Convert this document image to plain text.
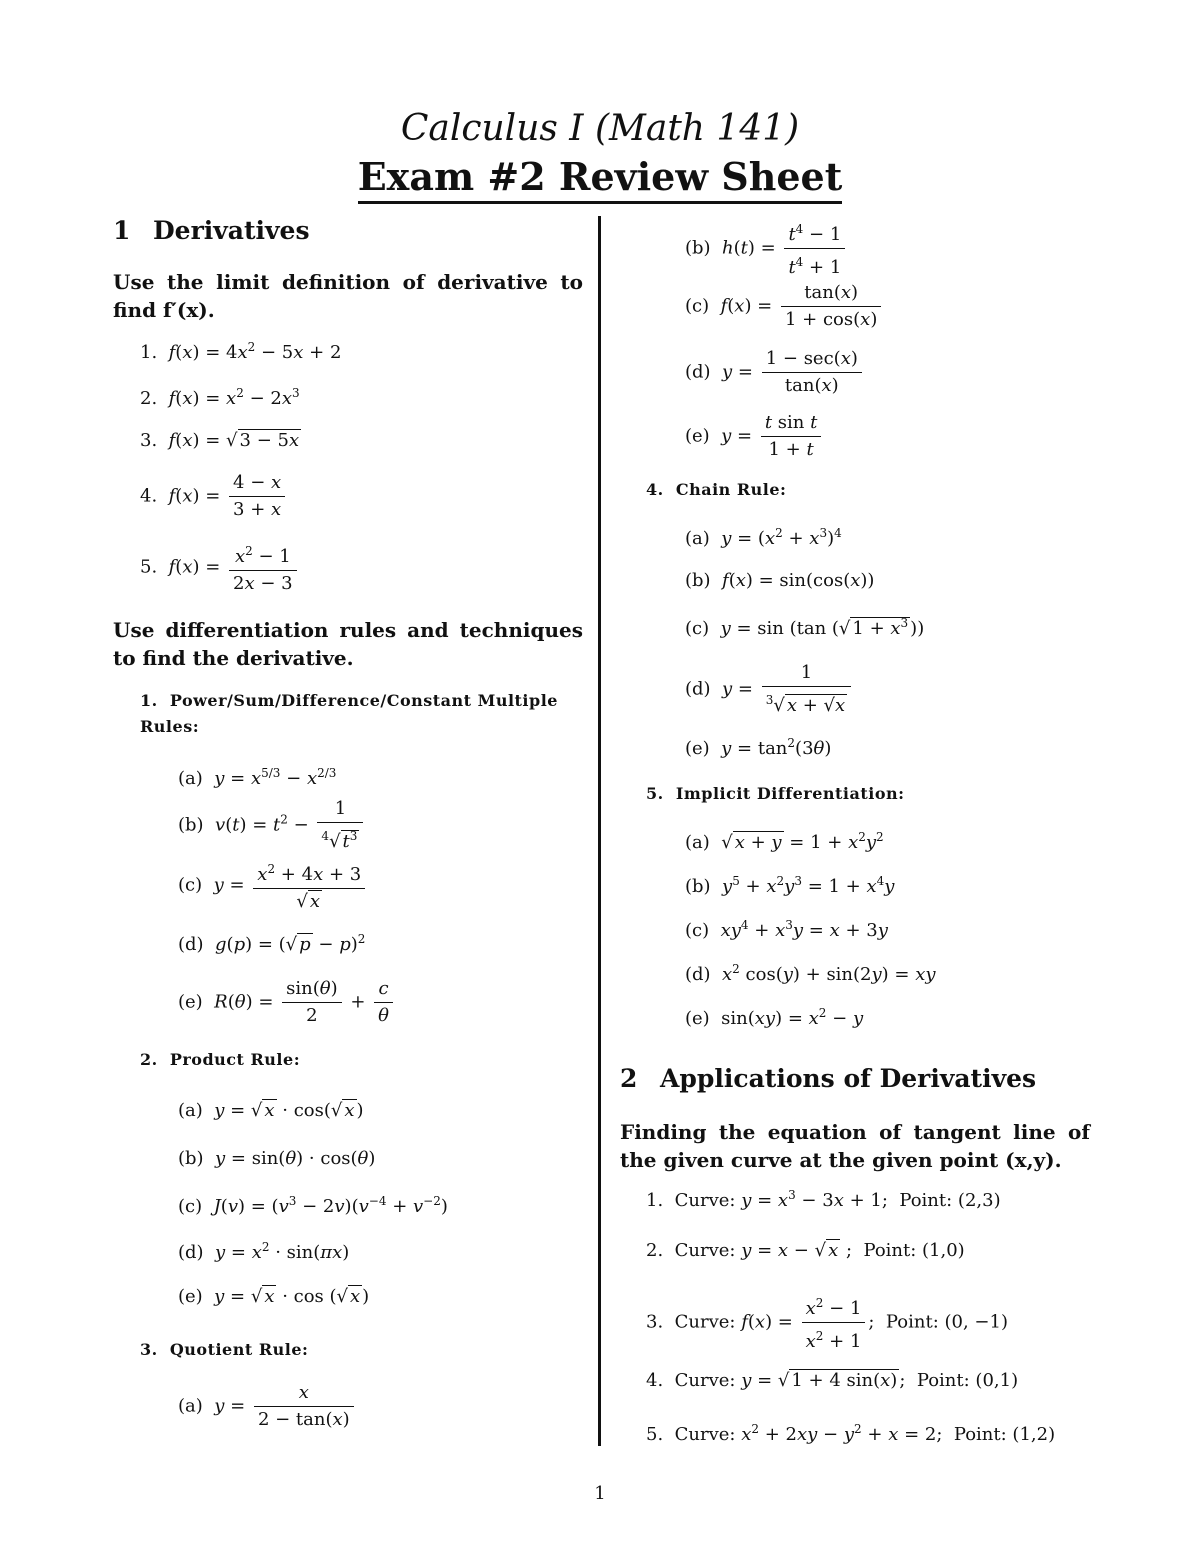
Calculus I (Math 141)
Exam #2 Review Sheet
1 Derivatives
Use the limit definition of derivative to find f′(x).
1.  $f(x) = 4x^2 - 5x + 2$
2.  $f(x) = x^2 - 2x^3$
3.  f(x) = √ 3 − 5x
4.  $f(x) = \frac{4 - x}{3 + x}$
5.  $f(x) = \frac{x^2 - 1}{2x - 3}$
Use differentiation rules and techniques to find the derivative.
1.  Power/Sum/Difference/Constant Multiple Rules:
(a)  $y = x^{5/3} - x^{2/3}$
(b)  $v(t) = t^2 - \frac{1}{^4√ t^3}$
(c)  $y = \frac{x^2 + 4x + 3}{√ x}$
(d)  g(p) = (√ p − p)$^2$
(e)  $R(\theta) = \frac{\sin(\theta)}{2} + \frac{c}{\theta}$
2.  Product Rule:
(a)  y = √ x · cos(√ x )
(b)  y = sin(θ) · cos(θ)
(c)  $J(v) = (v^3 - 2v)(v^{-4} + v^{-2})$
(d)  $y = x^2 \cdot \sin(\pi x)$
(e)  y = √ x · cos (√ x )
3.  Quotient Rule:
(a)  $y = \frac{x}{2 - \tan(x)}$
(b)  $h(t) = \frac{t^4 - 1}{t^4 + 1}$
(c)  $f(x) = \frac{\tan(x)}{1 + \cos(x)}$
(d)  $y = \frac{1 - \sec(x)}{\tan(x)}$
(e)  $y = \frac{\text{t sin t}}{1 + t}$
4.  Chain Rule:
(a)  $y = (x^2 + x^3)^4$
(b)  f(x) = sin(cos(x))
(c)  y = sin (tan (√ $1 + x^3$ ))
(d)  $y = \frac{1}{^3√ x + √x}$
(e)  $y = \tan^2(3\theta)$
5.  Implicit Differentiation:
(a)  √ $x + y = 1 + x^2y^2$
(b)  $y^5 + x^2y^3 = 1 + x^4y$
(c)  $xy^4 + x^3y = x + 3y$
(d)  $x^2$ cos(y) + sin(2y) = xy
(e)  $\sin(xy) = x^2 - y$
2 Applications of Derivatives
Finding the equation of tangent line of the given curve at the given point (x,y).
1.  Curve: $y = x^3 - 3x + 1$;  Point: (2,3)
2.  Curve: y = x − √ x ;  Point: (1,0)
3.  Curve: $f(x) = \frac{x^2 - 1}{x^2 + 1}$ ;  Point: (0, −1)
4.  Curve: y = √ 1 + 4 sin(x) ;  Point: (0,1)
5.  Curve: $x^2 + 2xy - y^2 + x = 2$;  Point: (1,2)
1
